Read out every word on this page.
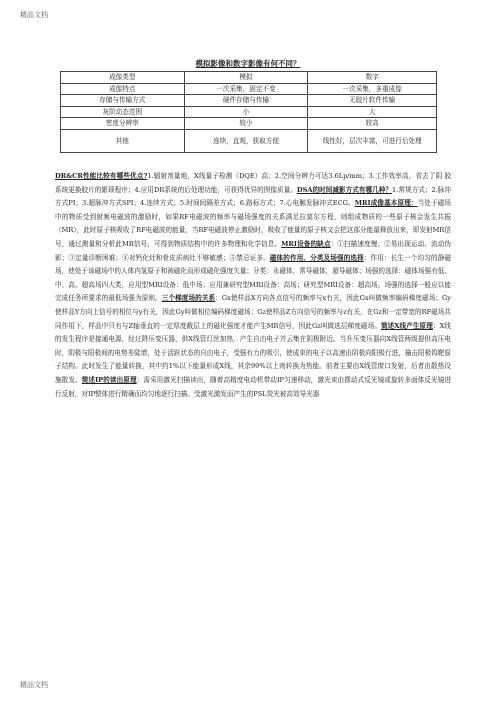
精品文档
模拟影像和数字影像有何不同？
成像类型	模拟	数字
成像特点	一次采集，固定不变	一次采集，多重成像
存储与传输方式	硬件存储与传输	无胶片软件传输
灰阶动态范围	小	大
密度分辨率	较小	较高
其他	连续，直观，获取方便	线性好，层次丰富，可进行后处理
DR&CR性能比较有哪些优点?1.辐射剂量地，X线量子检测（DQE）高；2.空间分辨力可达3.6Lp/mm；3.工作效率高，省去了阴 胶系统更换胶片的繁琐程序；4.应用DR系统的后处理功能，可获得优异的图像质量。DSA的时间减影方式有哪几种？1.常规方式；2.脉冲方式PI；3.超脉冲方式SPI；4.连续方式；5.时间间隔差方式；6.路标方式；7.心电触发脉冲式ECG。MRI成像基本原理：当处于磁场中的物质受到射频电磁波的激励时，如果RF电磁波的频率与磁场强度的关系满足拉莫尔方程，则组成物质的一些原子核会发生共振（MR），此时原子核吸收了RF电磁波的能量，当RF电磁波停止激励时，吸收了能量的原子核又会把这部分能量释放出来，即发射MR信号，通过测量和分析此MR信号，可得到物质结构中的许多物理和化学信息。MRI设备的缺点：①扫描速度慢；②易出现运动、流动伪影；③定量诊断困难；④对钙化灶和骨皮质病灶不够敏感；⑤禁忌证多。磁体的作用、分类及场强的选择：作用：长生一个均匀的静磁场，使处于该磁场中的人体内氢原子和被磁化而形成磁化强度矢量；分类：永磁体，常导磁体，超导磁体；场强的选择：磁体场强有低、中、高、超高场四大类，应用型MRI设备：低中场；应用兼研究型MRI设备：高场；研究型MRI设备：超高场。场强的选择一般应以能完成任务所要求的最低场强为原则。三个梯度场的关系：Gx使样品X方向各点信号的频率与x有关，因此Gx叫做频率编码梯度磁场；Gy使样品Y方向上信号的相位与y有关，因此Gy叫做相位编码梯度磁场；Gz使样品Z方向信号的频率与z有关，在Gz和一定带宽的RF磁场共同作用下，样品中只有与Z轴垂直的一定厚度截层上的磁化强度才能产生MR信号，因此Gz叫做选层梯度磁场。简述X线产生原理：X线的发生程序是接通电源，经过降压变压器，供X线管灯丝加热，产生自由电子并云集在阴极附近。当升压变压器向X线管两级提供高压电时，阴极与阳极间的电势差陡增，处于活跃状态的自由电子，受强有力的吸引，使成束的电子以高速由阴极向阳极行进，撞击阳极钨靶原子结构。此时发生了能量转换，其中约1%以下能量形成X线，其余99%以上则转换为热能。前者主要由X线管窗口发射，后者由散热设施散发。简述IP的读出原理：需采用激光扫描读出，随着高精度电动机带动IP匀速移动，激光束由摆动式反光镜或旋转多面体反光镜进行反射，对IP整体进行精确而均匀地逐行扫描。受激光激发而产生的PSL荧光被高效导光器
精品文档
